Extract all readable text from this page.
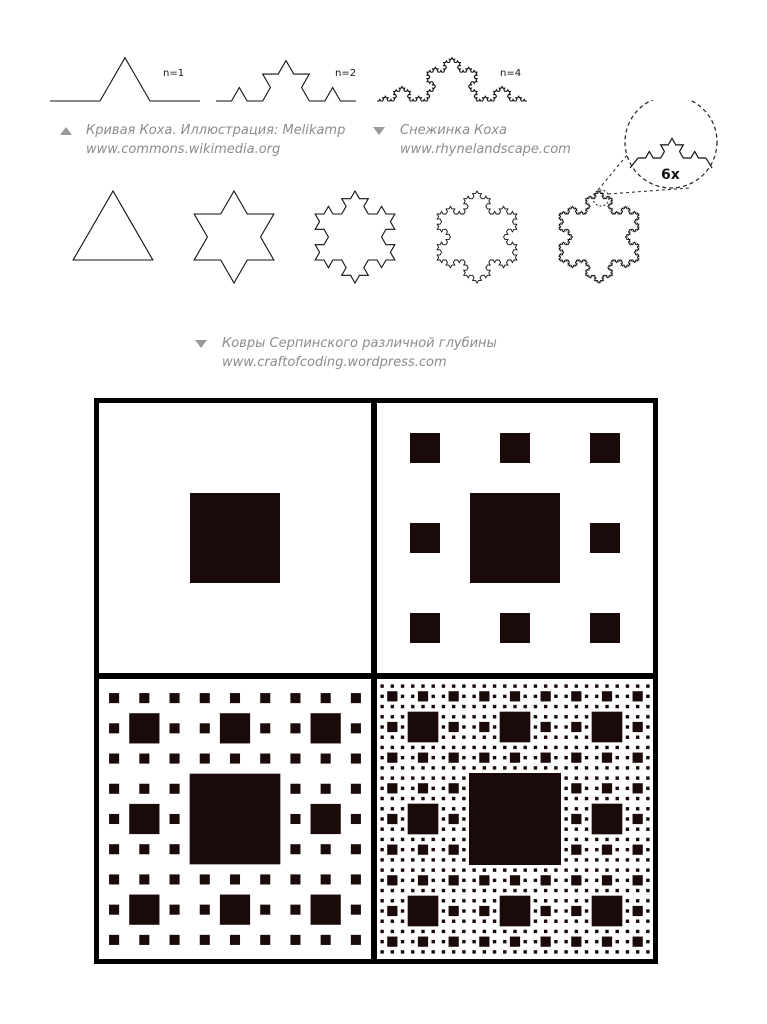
n=1	n=2	n=4
Кривая Коха. Иллюстрация: Melikamp
www.commons.wikimedia.org
Снежинка Коха
www.rhynelandscape.com
6x
Ковры Серпинского различной глубины
www.craftofcoding.wordpress.com
